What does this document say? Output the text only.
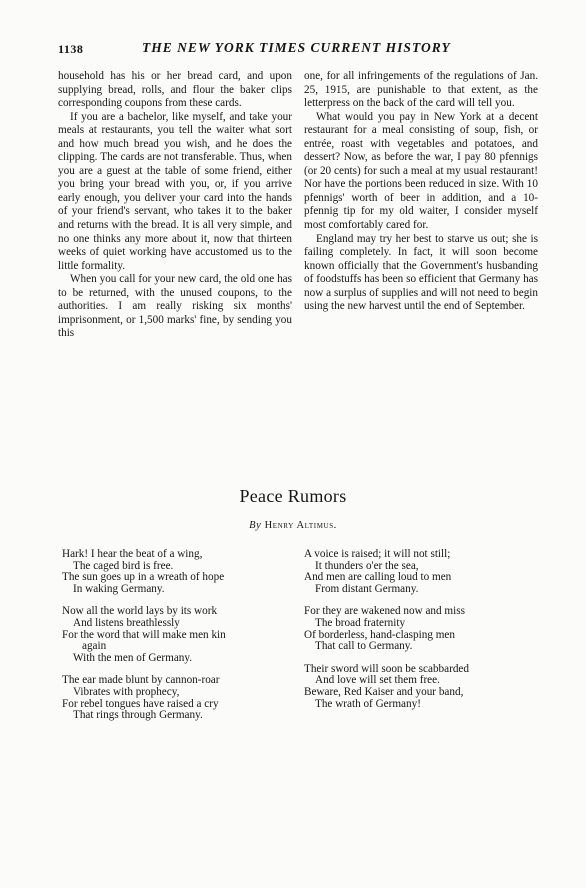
1138	THE NEW YORK TIMES CURRENT HISTORY

household has his or her bread card, and upon supplying bread, rolls, and flour the baker clips corresponding coupons from these cards.

If you are a bachelor, like myself, and take your meals at restaurants, you tell the waiter what sort and how much bread you wish, and he does the clipping. The cards are not transferable. Thus, when you are a guest at the table of some friend, either you bring your bread with you, or, if you arrive early enough, you deliver your card into the hands of your friend's servant, who takes it to the baker and returns with the bread. It is all very simple, and no one thinks any more about it, now that thirteen weeks of quiet working have accustomed us to the little formality.

When you call for your new card, the old one has to be returned, with the unused coupons, to the authorities. I am really risking six months' imprisonment, or 1,500 marks' fine, by sending you this

one, for all infringements of the regulations of Jan. 25, 1915, are punishable to that extent, as the letterpress on the back of the card will tell you.

What would you pay in New York at a decent restaurant for a meal consisting of soup, fish, or entrée, roast with vegetables and potatoes, and dessert? Now, as before the war, I pay 80 pfennigs (or 20 cents) for such a meal at my usual restaurant! Nor have the portions been reduced in size. With 10 pfennigs' worth of beer in addition, and a 10-pfennig tip for my old waiter, I consider myself most comfortably cared for.

England may try her best to starve us out; she is failing completely. In fact, it will soon become known officially that the Government's husbanding of foodstuffs has been so efficient that Germany has now a surplus of supplies and will not need to begin using the new harvest until the end of September.

Peace Rumors
By Henry Altimus.
Hark! I hear the beat of a wing,
The caged bird is free.
The sun goes up in a wreath of hope
In waking Germany.
Now all the world lays by its work
And listens breathlessly
For the word that will make men kin
again
With the men of Germany.
The ear made blunt by cannon-roar
Vibrates with prophecy,
For rebel tongues have raised a cry
That rings through Germany.
A voice is raised; it will not still;
It thunders o'er the sea,
And men are calling loud to men
From distant Germany.
For they are wakened now and miss
The broad fraternity
Of borderless, hand-clasping men
That call to Germany.
Their sword will soon be scabbarded
And love will set them free.
Beware, Red Kaiser and your band,
The wrath of Germany!
